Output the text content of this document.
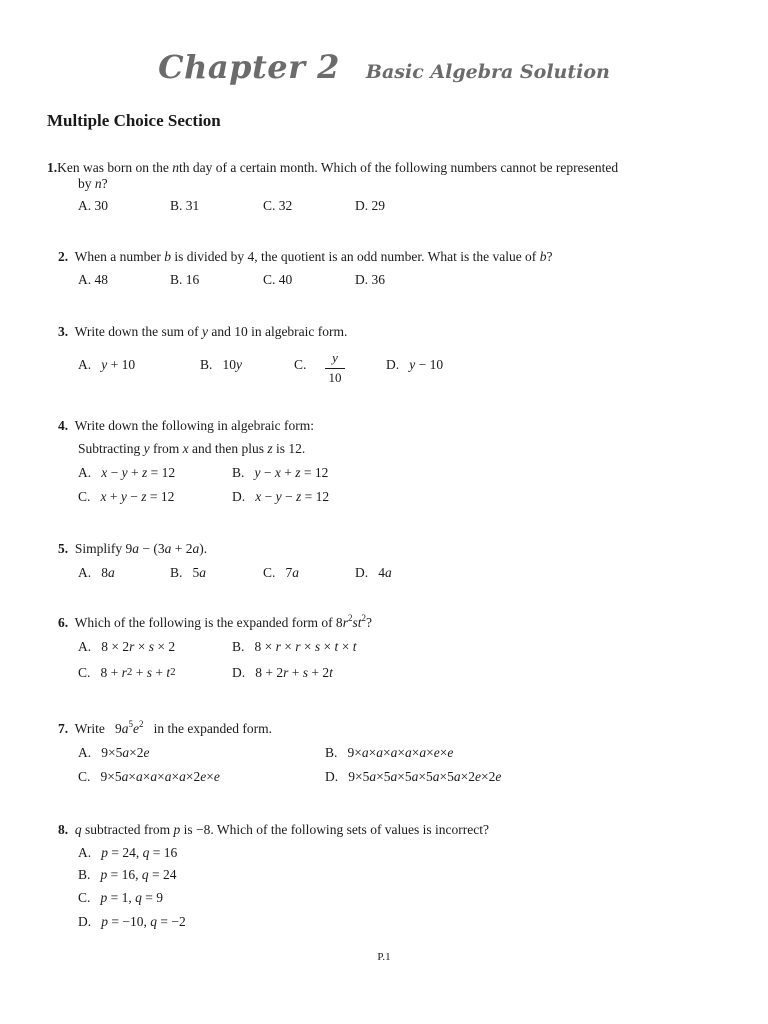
Chapter 2 Basic Algebra Solution
Multiple Choice Section
1.Ken was born on the nth day of a certain month. Which of the following numbers cannot be represented
by n?
A. 30	B. 31	C. 32	D. 29
2.  When a number b is divided by 4, the quotient is an odd number. What is the value of b?
A. 48	B. 16	C. 40	D. 36
3.  Write down the sum of y and 10 in algebraic form.
A.   y + 10	B.   10y	C.	y
10
D.   y − 10
4.  Write down the following in algebraic form:
Subtracting y from x and then plus z is 12.
A.   x − y + z = 12	B.   y − x + z = 12
C.   x + y − z = 12	D.   x − y − z = 12
5.  Simplify 9a − (3a + 2a).
A.   8a	B.   5a	C.   7a	D.   4a
6.  Which of the following is the expanded form of $8r^2st^2$?
A.   8 × 2r × s × 2	B.   8 × r × r × s × t × t
C.   8 + r2 + s + t2	D.   8 + 2r + s + 2t
7.  Write   $9a^5e^2$   in the expanded form.
A.   9×5a×2e	B.   9×a×a×a×a×a×e×e
C.   9×5a×a×a×a×a×2e×e	D.   9×5a×5a×5a×5a×5a×2e×2e
8. q subtracted from p is −8. Which of the following sets of values is incorrect?
A.   p = 24, q = 16
B.   p = 16, q = 24
C.   p = 1, q = 9
D.   p = −10, q = −2
P.1
